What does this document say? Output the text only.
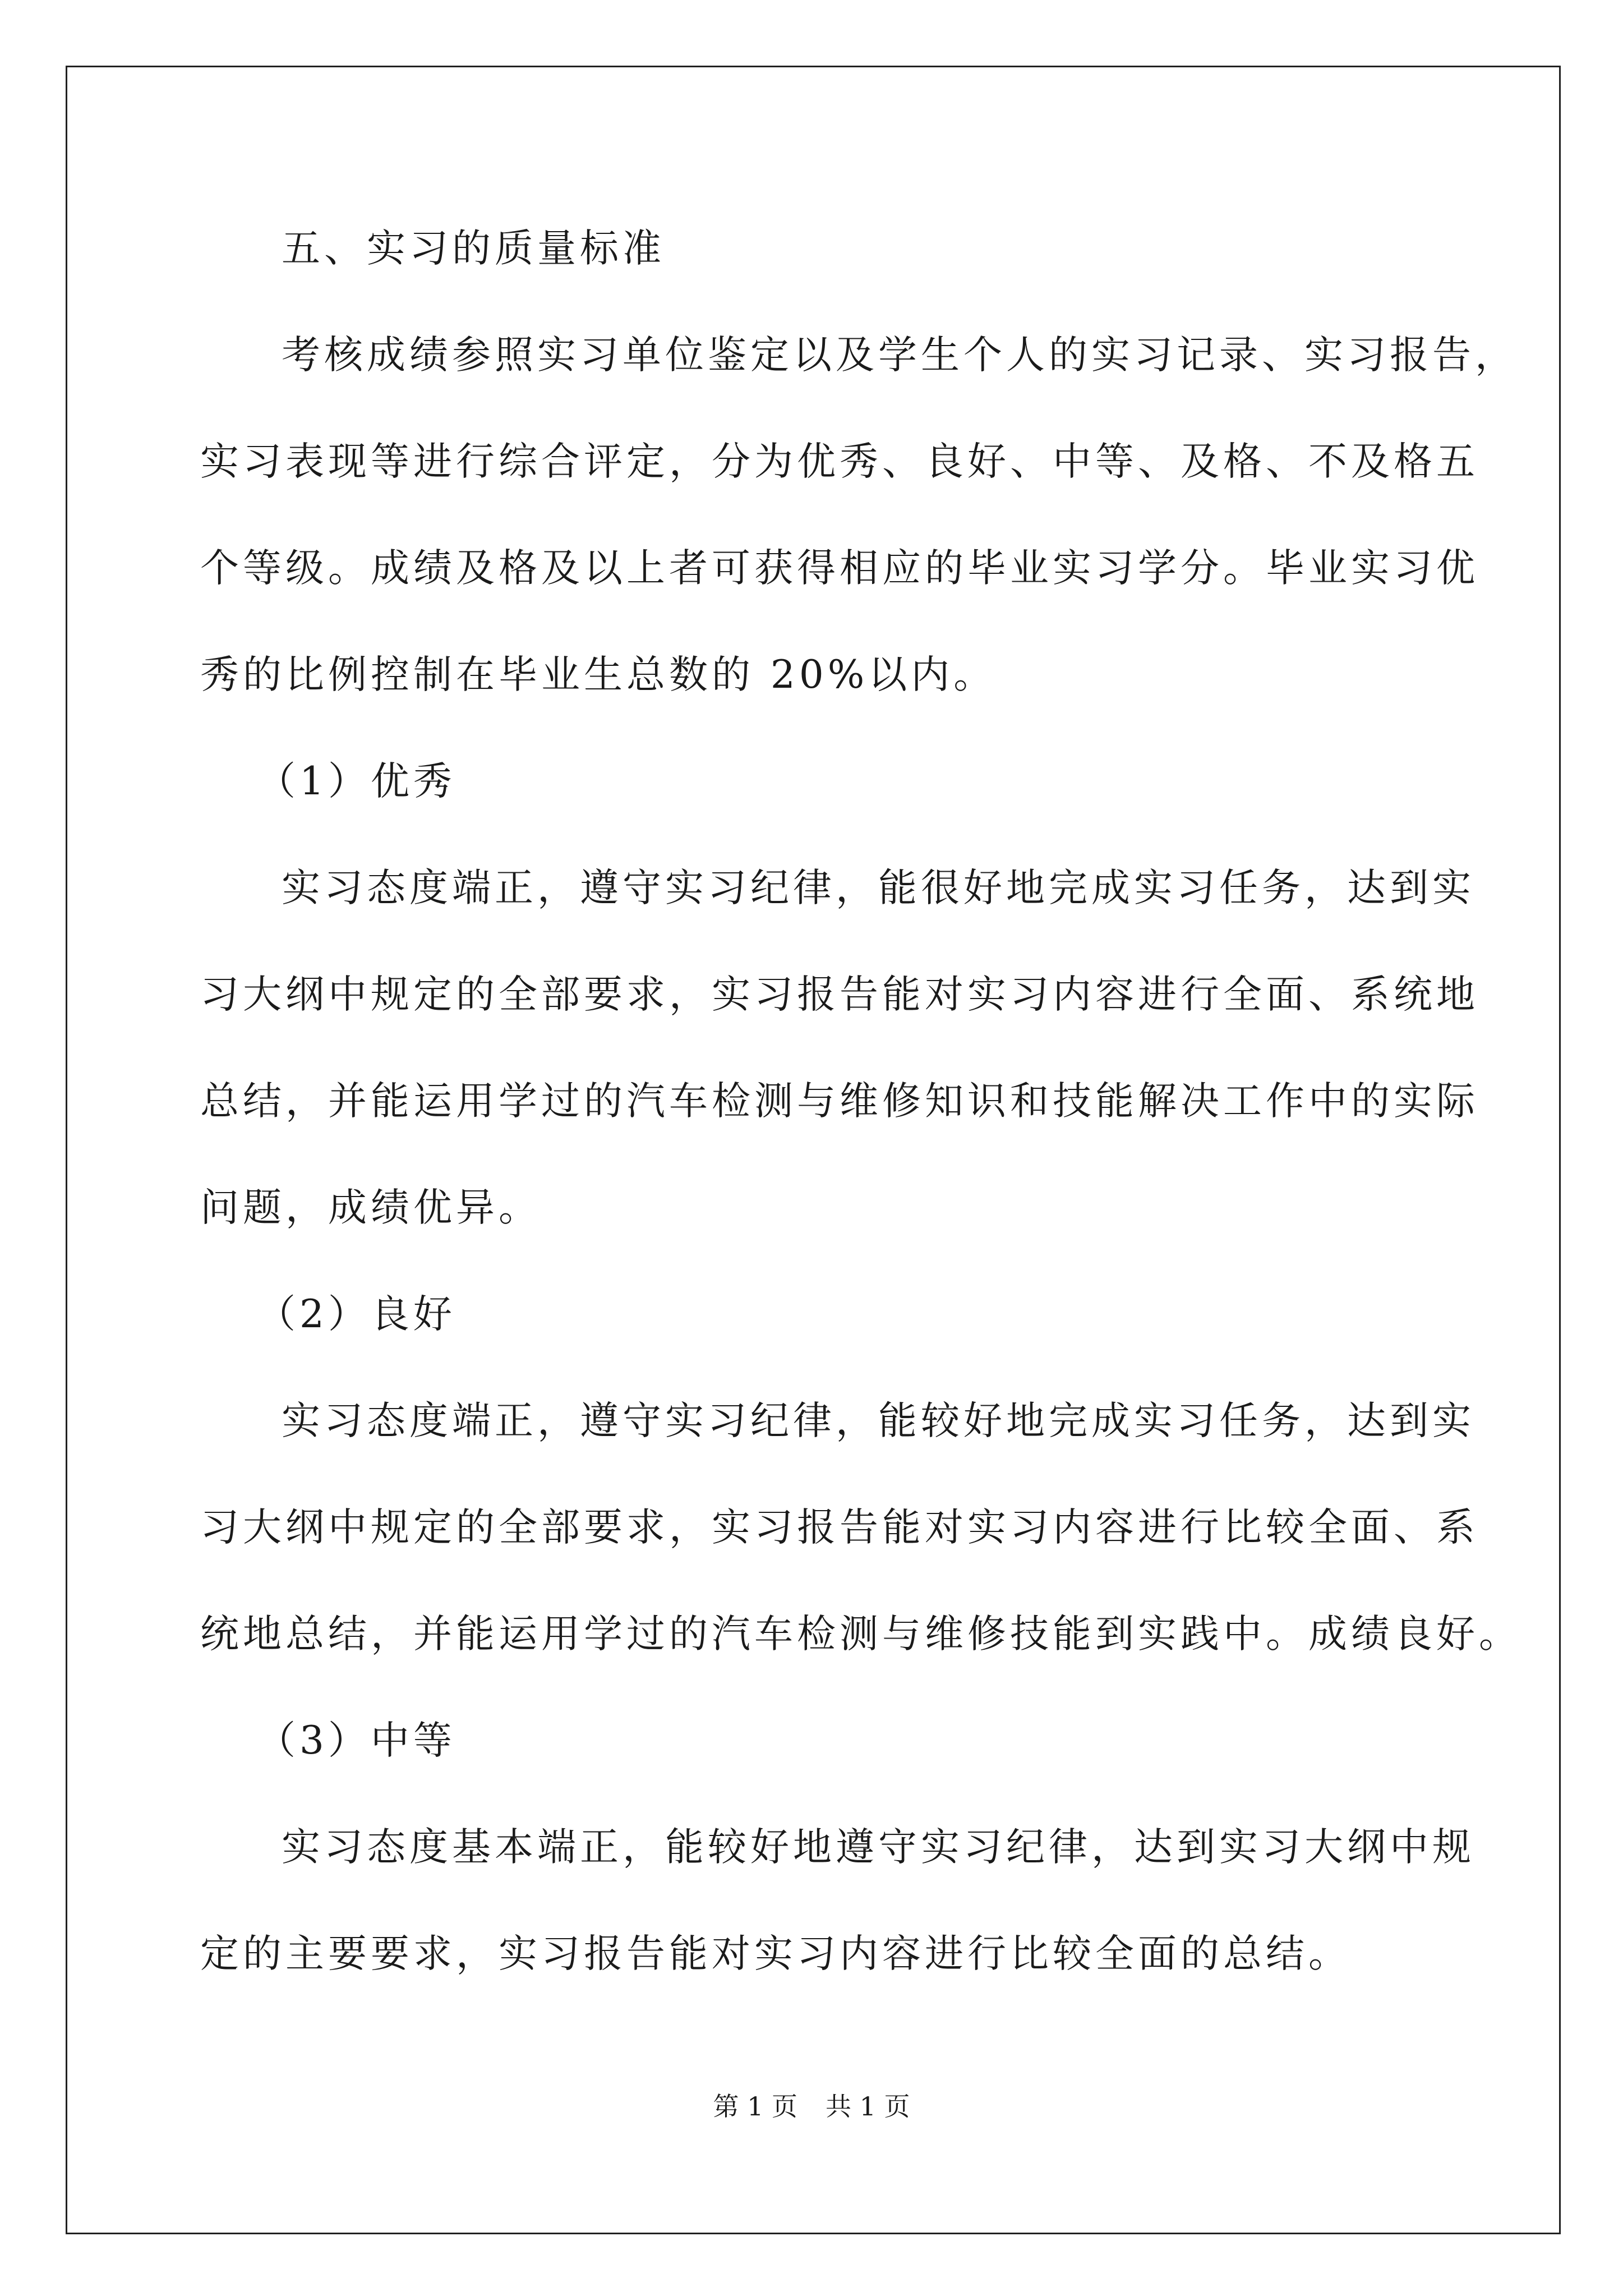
五、实习的质量标准

考核成绩参照实习单位鉴定以及学生个人的实习记录、实习报告，

实习表现等进行综合评定，分为优秀、良好、中等、及格、不及格五

个等级。成绩及格及以上者可获得相应的毕业实习学分。毕业实习优

秀的比例控制在毕业生总数的 20%以内。

（1）优秀

实习态度端正，遵守实习纪律，能很好地完成实习任务，达到实

习大纲中规定的全部要求，实习报告能对实习内容进行全面、系统地

总结，并能运用学过的汽车检测与维修知识和技能解决工作中的实际

问题，成绩优异。

（2）良好

实习态度端正，遵守实习纪律，能较好地完成实习任务，达到实

习大纲中规定的全部要求，实习报告能对实习内容进行比较全面、系

统地总结，并能运用学过的汽车检测与维修技能到实践中。成绩良好。

（3）中等

实习态度基本端正，能较好地遵守实习纪律，达到实习大纲中规

定的主要要求，实习报告能对实习内容进行比较全面的总结。

第 1 页 共 1 页
